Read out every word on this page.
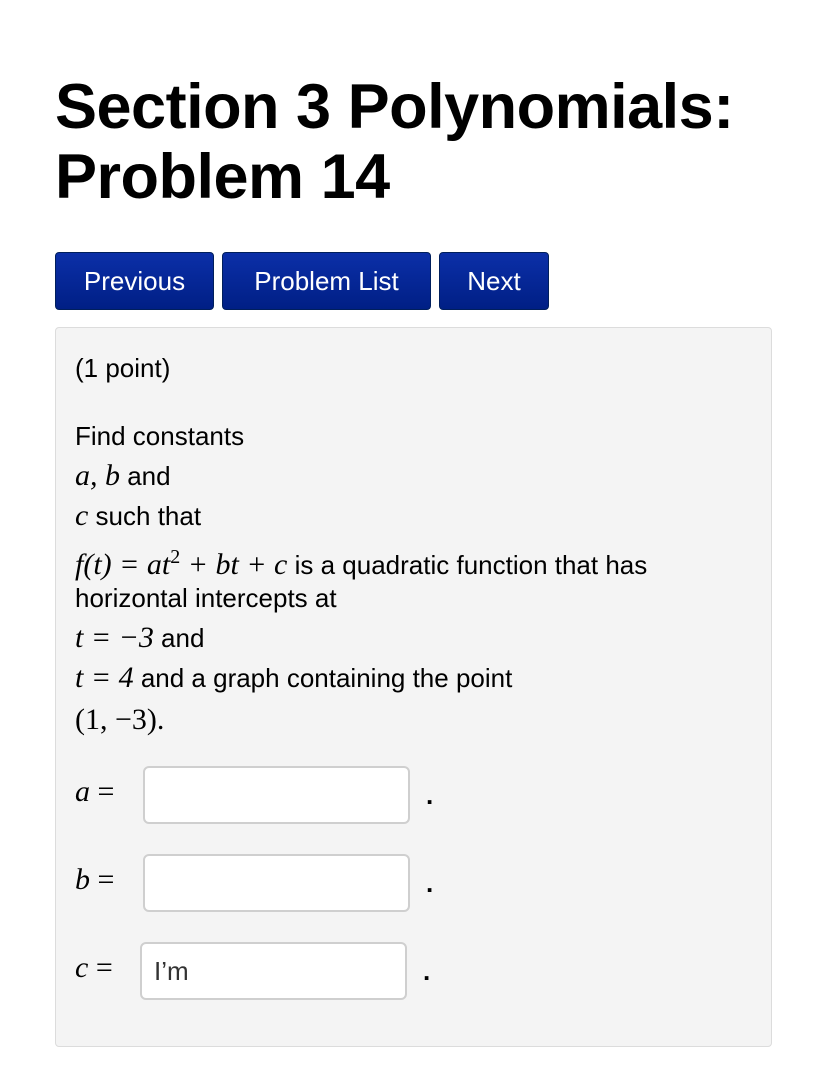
Section 3 Polynomials:
Problem 14
Previous	Problem List	Next
(1 point)
Find constants
a, b and
c such that
$f(t) = at^2$ + bt + c is a quadratic function that has
horizontal intercepts at
t = −3 and
t = 4 and a graph containing the point
(1, −3).
a =	.
b =	.
c =
I’m	.
